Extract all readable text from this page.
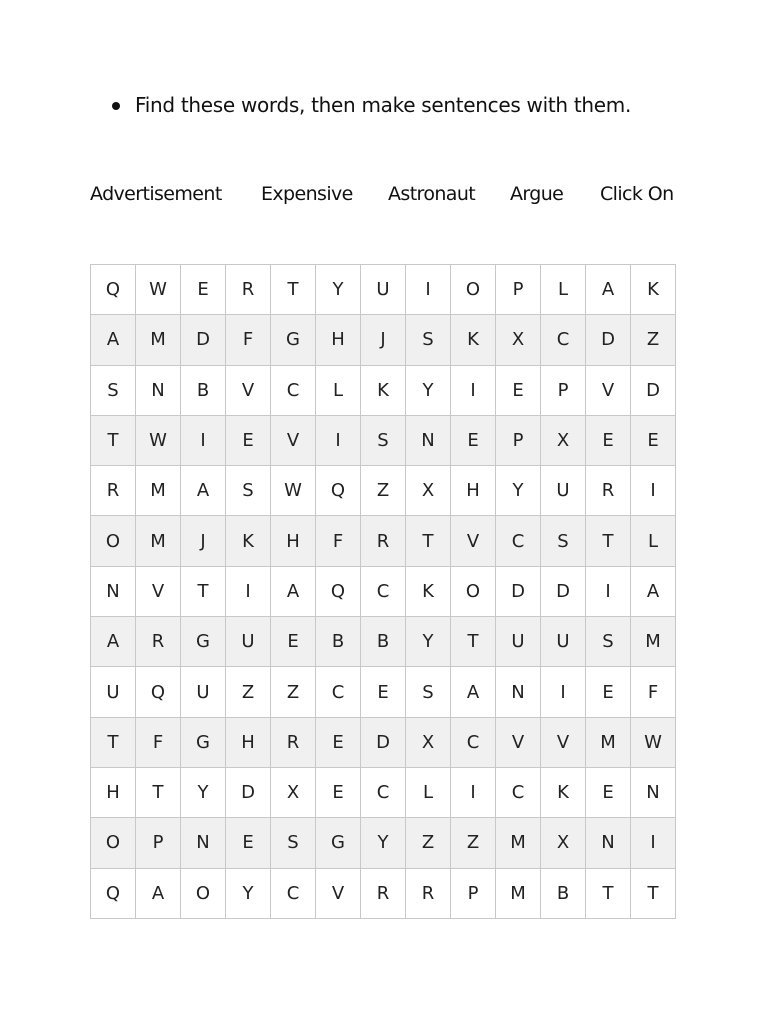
Find these words, then make sentences with them.
Advertisement Expensive Astronaut Argue Click On
Q	W	E	R	T	Y	U	I	O	P	L	A	K
A	M	D	F	G	H	J	S	K	X	C	D	Z
S	N	B	V	C	L	K	Y	I	E	P	V	D
T	W	I	E	V	I	S	N	E	P	X	E	E
R	M	A	S	W	Q	Z	X	H	Y	U	R	I
O	M	J	K	H	F	R	T	V	C	S	T	L
N	V	T	I	A	Q	C	K	O	D	D	I	A
A	R	G	U	E	B	B	Y	T	U	U	S	M
U	Q	U	Z	Z	C	E	S	A	N	I	E	F
T	F	G	H	R	E	D	X	C	V	V	M	W
H	T	Y	D	X	E	C	L	I	C	K	E	N
O	P	N	E	S	G	Y	Z	Z	M	X	N	I
Q	A	O	Y	C	V	R	R	P	M	B	T	T
